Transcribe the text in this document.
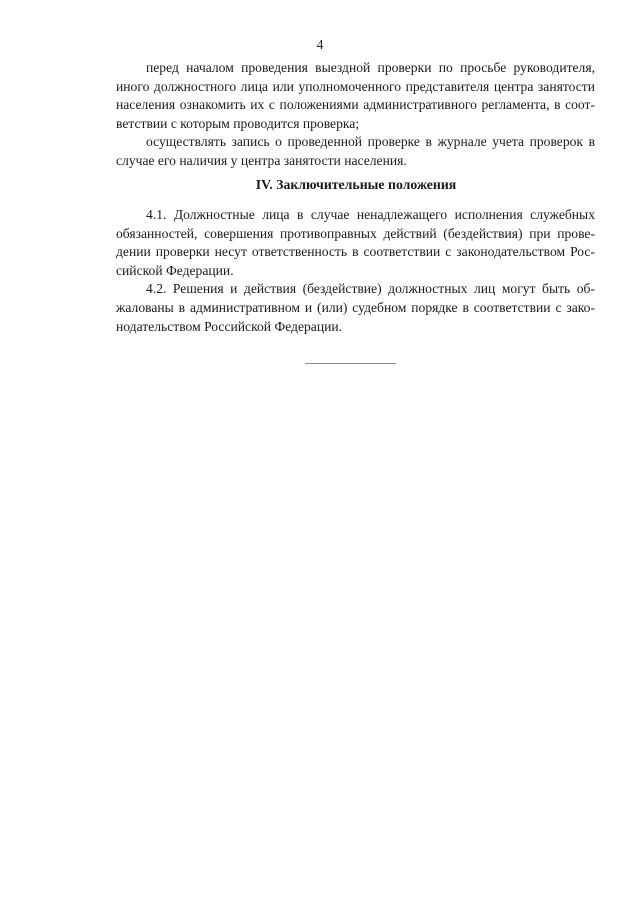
4
перед началом проведения выездной проверки по просьбе руководителя,
иного должностного лица или уполномоченного представителя центра занятости
населения ознакомить их с положениями административного регламента, в соот-
ветствии с которым проводится проверка;
осуществлять запись о проведенной проверке в журнале учета проверок в
случае его наличия у центра занятости населения.
IV. Заключительные положения
4.1. Должностные лица в случае ненадлежащего исполнения служебных
обязанностей, совершения противоправных действий (бездействия) при прове-
дении проверки несут ответственность в соответствии с законодательством Рос-
сийской Федерации.
4.2. Решения и действия (бездействие) должностных лиц могут быть об-
жалованы в административном и (или) судебном порядке в соответствии с зако-
нодательством Российской Федерации.
